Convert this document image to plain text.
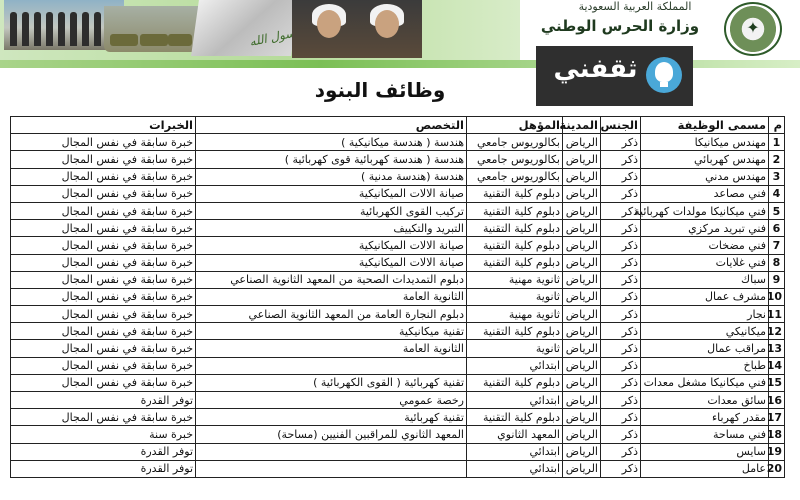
رسول الله
المملكة العربية السعودية
وزارة الحرس الوطني	✦
ثقفني
وظائف البنود
م	مسمى الوظيفة	الجنس	المدينة	المؤهل	التخصص	الخبرات
1	مهندس ميكانيكا	ذكر	الرياض	بكالوريوس جامعي	هندسة ( هندسة ميكانيكية )	خبرة سابقة في نفس المجال
2	مهندس كهربائي	ذكر	الرياض	بكالوريوس جامعي	هندسة ( هندسة كهربائية قوى كهربائية )	خبرة سابقة في نفس المجال
3	مهندس مدني	ذكر	الرياض	بكالوريوس جامعي	هندسة (هندسة مدنية )	خبرة سابقة في نفس المجال
4	فني مصاعد	ذكر	الرياض	دبلوم كلية التقنية	صيانة الالات الميكانيكية	خبرة سابقة في نفس المجال
5	فني ميكانيكا مولدات كهربائية	ذكر	الرياض	دبلوم كلية التقنية	تركيب القوى الكهربائية	خبرة سابقة في نفس المجال
6	فني تبريد مركزي	ذكر	الرياض	دبلوم كلية التقنية	التبريد والتكييف	خبرة سابقة في نفس المجال
7	فني مضخات	ذكر	الرياض	دبلوم كلية التقنية	صيانة الالات الميكانيكية	خبرة سابقة في نفس المجال
8	فني غلايات	ذكر	الرياض	دبلوم كلية التقنية	صيانة الالات الميكانيكية	خبرة سابقة في نفس المجال
9	سباك	ذكر	الرياض	ثانوية مهنية	دبلوم التمديدات الصحية من المعهد الثانوية الصناعي	خبرة سابقة في نفس المجال
10	مشرف عمال	ذكر	الرياض	ثانوية	الثانوية العامة	خبرة سابقة في نفس المجال
11	نجار	ذكر	الرياض	ثانوية مهنية	دبلوم النجارة العامة من المعهد الثانوية الصناعي	خبرة سابقة في نفس المجال
12	ميكانيكي	ذكر	الرياض	دبلوم كلية التقنية	تقنية ميكانيكية	خبرة سابقة في نفس المجال
13	مراقب عمال	ذكر	الرياض	ثانوية	الثانوية العامة	خبرة سابقة في نفس المجال
14	طباخ	ذكر	الرياض	ابتدائي		خبرة سابقة في نفس المجال
15	فني ميكانيكا مشغل معدات	ذكر	الرياض	دبلوم كلية التقنية	تقنية كهربائية ( القوى الكهربائية )	خبرة سابقة في نفس المجال
16	سائق معدات	ذكر	الرياض	ابتدائي	رخصة عمومي	توفر القدرة
17	مقدر كهرباء	ذكر	الرياض	دبلوم كلية التقنية	تقنية كهربائية	خبرة سابقة في نفس المجال
18	فني مساحة	ذكر	الرياض	المعهد الثانوي	المعهد الثانوي للمراقبين الفنيين (مساحة)	خبرة سنة
19	سايس	ذكر	الرياض	ابتدائي		توفر القدرة
20	عامل	ذكر	الرياض	ابتدائي		توفر القدرة
